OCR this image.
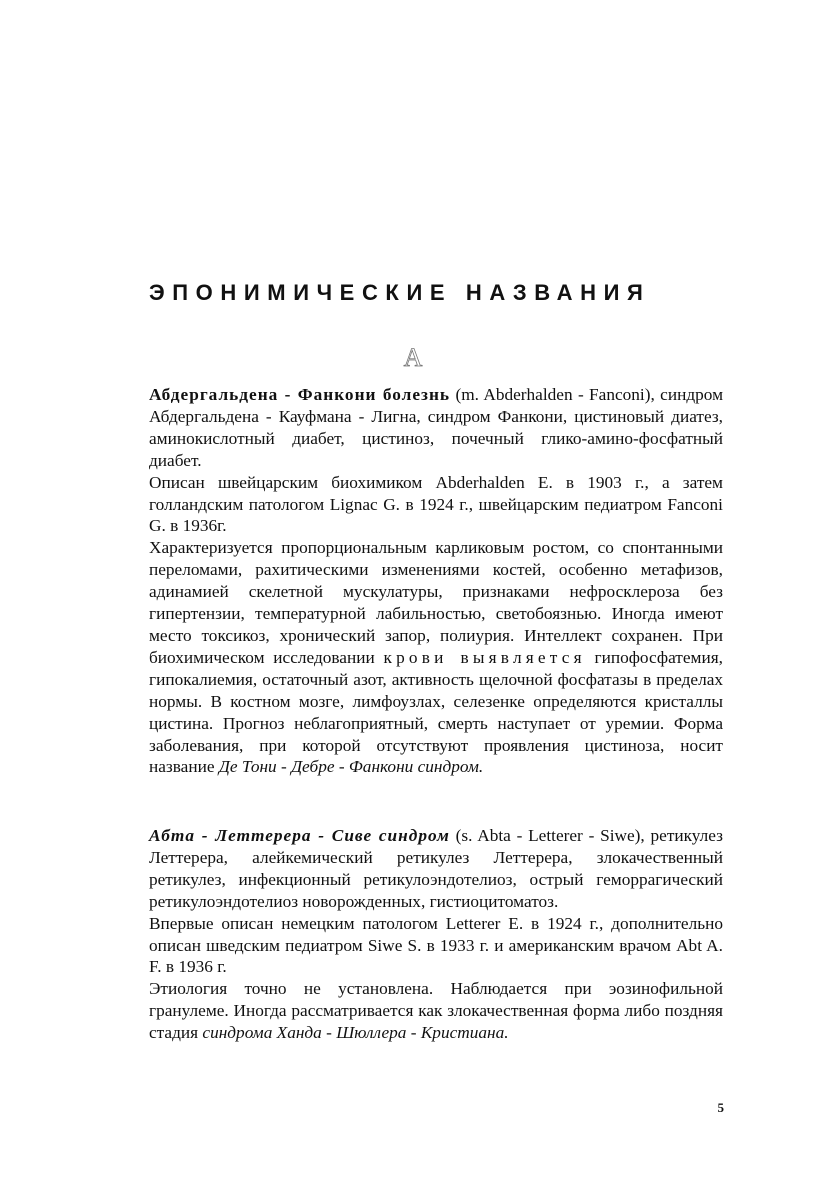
ЭПОНИМИЧЕСКИЕ НАЗВАНИЯ
A

Абдергальдена - Фанкони болезнь (m. Abderhalden - Fanconi), синдром Абдергальдена - Кауфмана - Лигна, синдром Фанкони, цистиновый диатез, аминокислотный диабет, цистиноз, почечный глико-амино-фосфатный диабет.

Описан швейцарским биохимиком Abderhalden E. в 1903 г., а затем голландским патологом Lignac G. в 1924 г., швейцарским педиатром Fanconi G. в 1936г.

Характеризуется пропорциональным карликовым ростом, со спонтанными переломами, рахитическими изменениями костей, особенно метафизов, адинамией скелетной мускулатуры, признаками нефросклероза без гипертензии, температурной лабильностью, светобоязнью. Иногда имеют место токсикоз, хронический запор, полиурия. Интеллект сохранен. При биохимическом исследовании крови выявляется гипофосфатемия, гипокалиемия, остаточный азот, активность щелочной фосфатазы в пределах нормы. В костном мозге, лимфоузлах, селезенке определяются кристаллы цистина. Прогноз неблагоприятный, смерть наступает от уремии. Форма заболевания, при которой отсутствуют проявления цистиноза, носит название Де Тони - Дебре - Фанкони синдром.

Абта - Леттерера - Сиве синдром (s. Abta - Letterer - Siwe), ретикулез Леттерера, алейкемический ретикулез Леттерера, злокачественный ретикулез, инфекционный ретикулоэндотелиоз, острый геморрагический ретикулоэндотелиоз новорожденных, гистиоцитоматоз.

Впервые описан немецким патологом Letterer E. в 1924 г., дополнительно описан шведским педиатром Siwe S. в 1933 г. и американским врачом Abt A. F. в 1936 г.

Этиология точно не установлена. Наблюдается при эозинофильной гранулеме. Иногда рассматривается как злокачественная форма либо поздняя стадия синдрома Ханда - Шюллера - Кристиана.

5
